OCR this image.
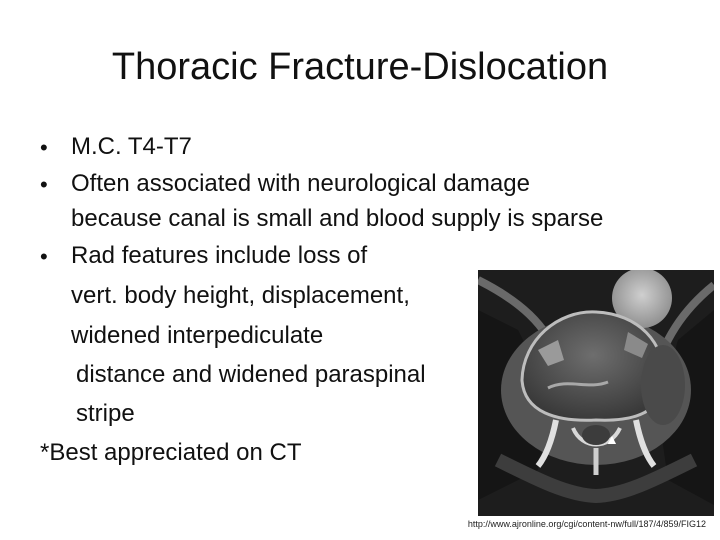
Thoracic Fracture-Dislocation
• M.C. T4-T7
• Often associated with neurological damage
because canal is small and blood supply is sparse
• Rad features include loss of
vert. body height, displacement,
widened interpediculate
distance and widened paraspinal
stripe
*Best appreciated on CT	▲
http://www.ajronline.org/cgi/content-nw/full/187/4/859/FIG12
